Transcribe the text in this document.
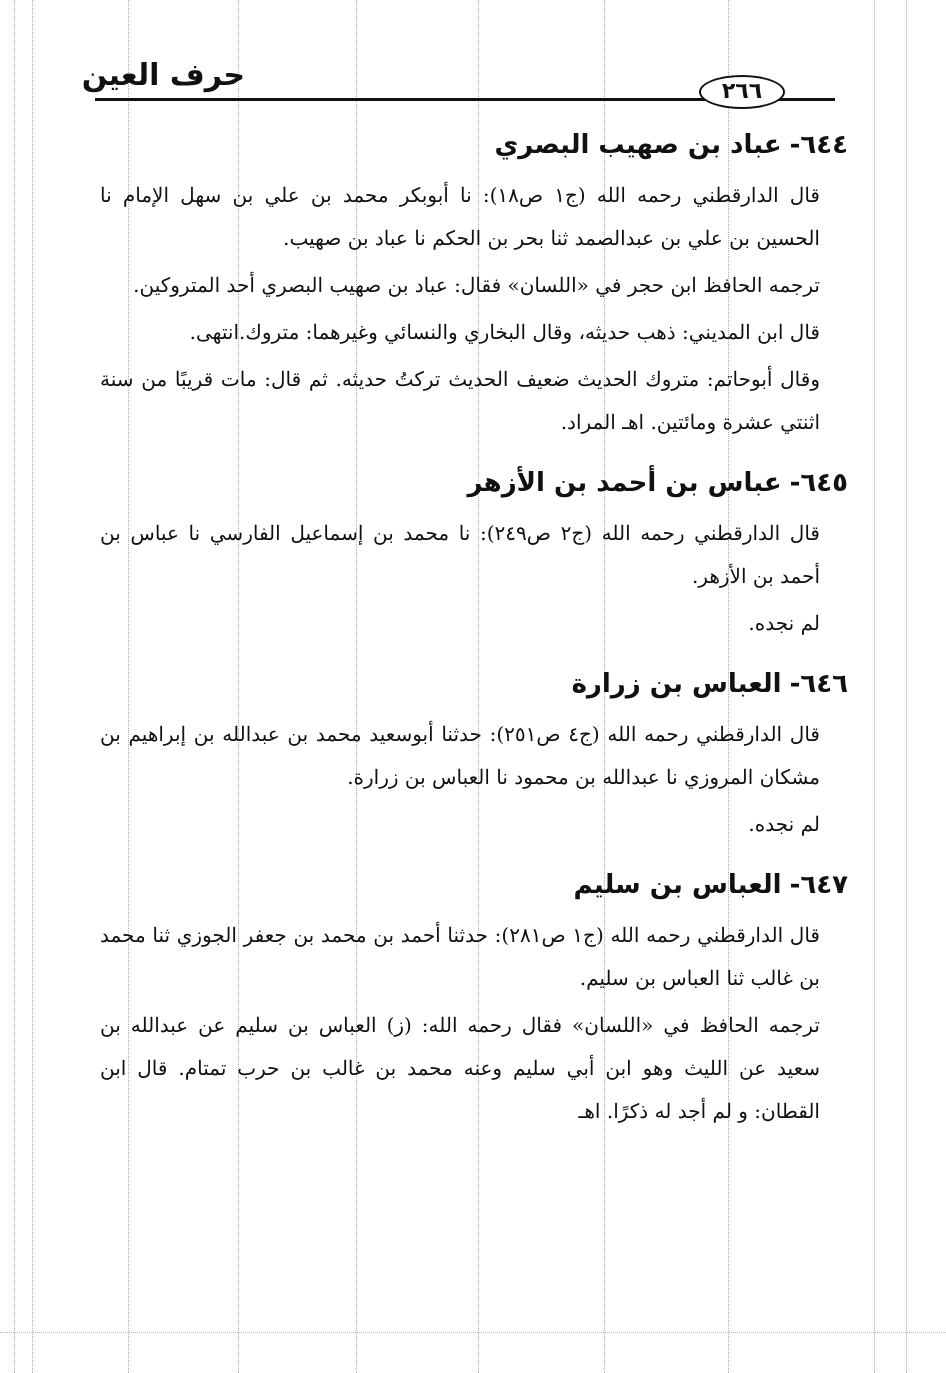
حرف العين	٢٦٦
٦٤٤-عباد بن صهيب البصري

قال الدارقطني رحمه الله (ج١ ص١٨): نا أبوبكر محمد بن علي بن سهل الإمام نا الحسين بن علي بن عبدالصمد ثنا بحر بن الحكم نا عباد بن صهيب.

ترجمه الحافظ ابن حجر في «اللسان» فقال: عباد بن صهيب البصري أحد المتروكين.

قال ابن المديني: ذهب حديثه، وقال البخاري والنسائي وغيرهما: متروك.انتهى.

وقال أبوحاتم: متروك الحديث ضعيف الحديث تركتُ حديثه. ثم قال: مات قريبًا من سنة اثنتي عشرة ومائتين. اهـ المراد.

٦٤٥-عباس بن أحمد بن الأزهر

قال الدارقطني رحمه الله (ج٢ ص٢٤٩): نا محمد بن إسماعيل الفارسي نا عباس بن أحمد بن الأزهر.

لم نجده.

٦٤٦-العباس بن زرارة

قال الدارقطني رحمه الله (ج٤ ص٢٥١): حدثنا أبوسعيد محمد بن عبدالله بن إبراهيم بن مشكان المروزي نا عبدالله بن محمود نا العباس بن زرارة.

لم نجده.

٦٤٧-العباس بن سليم

قال الدارقطني رحمه الله (ج١ ص٢٨١): حدثنا أحمد بن محمد بن جعفر الجوزي ثنا محمد بن غالب ثنا العباس بن سليم.

ترجمه الحافظ في «اللسان» فقال رحمه الله: (ز) العباس بن سليم عن عبدالله بن سعيد عن الليث وهو ابن أبي سليم وعنه محمد بن غالب بن حرب تمتام. قال ابن القطان: و لم أجد له ذكرًا. اهـ
